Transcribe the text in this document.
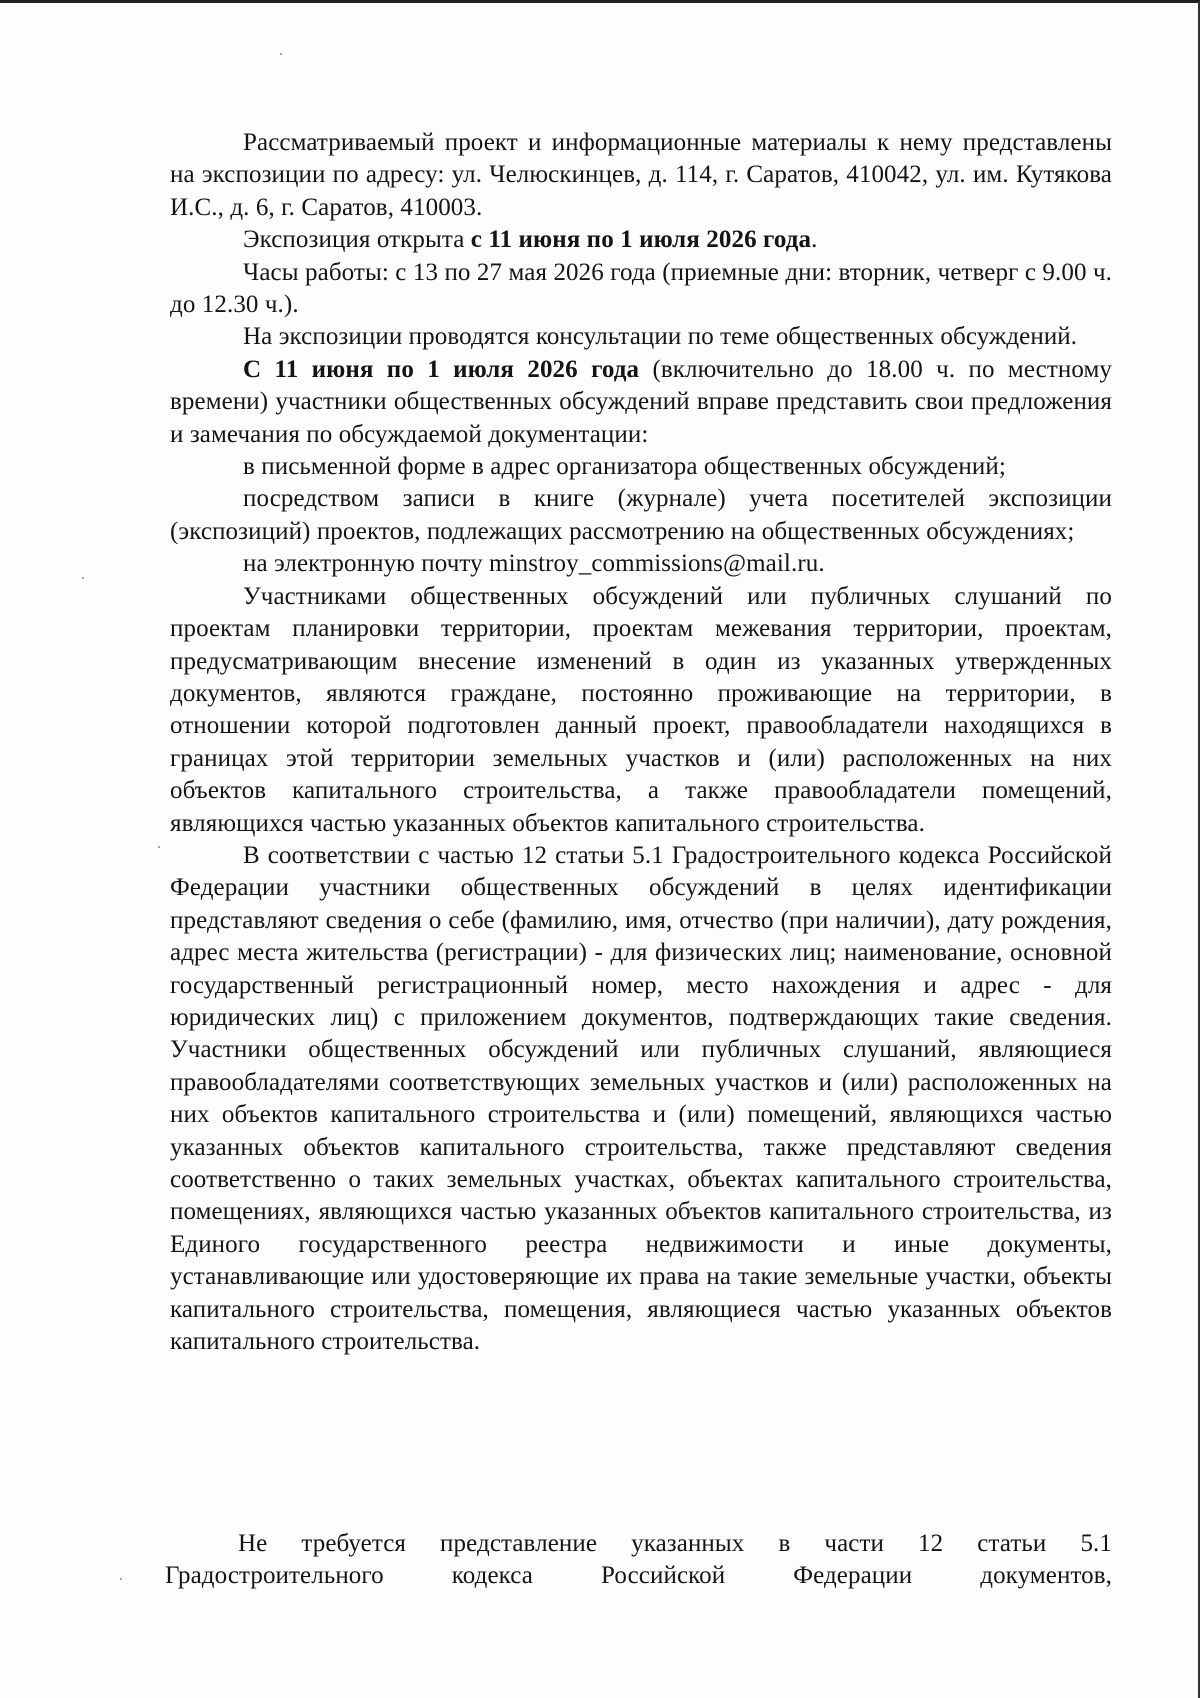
Рассматриваемый проект и информационные материалы к нему представлены на экспозиции по адресу: ул. Челюскинцев, д. 114, г. Саратов, 410042, ул. им. Кутякова И.С., д. 6, г. Саратов, 410003.

Экспозиция открыта с 11 июня по 1 июля 2026 года.

Часы работы: с 13 по 27 мая 2026 года (приемные дни: вторник, четверг с 9.00 ч. до 12.30 ч.).

На экспозиции проводятся консультации по теме общественных обсуждений.

С 11 июня по 1 июля 2026 года (включительно до 18.00 ч. по местному времени) участники общественных обсуждений вправе представить свои предложения и замечания по обсуждаемой документации:

в письменной форме в адрес организатора общественных обсуждений;

посредством записи в книге (журнале) учета посетителей экспозиции (экспозиций) проектов, подлежащих рассмотрению на общественных обсуждениях;

на электронную почту minstroy_commissions@mail.ru.

Участниками общественных обсуждений или публичных слушаний по проектам планировки территории, проектам межевания территории, проектам, предусматривающим внесение изменений в один из указанных утвержденных документов, являются граждане, постоянно проживающие на территории, в отношении которой подготовлен данный проект, правообладатели находящихся в границах этой территории земельных участков и (или) расположенных на них объектов капитального строительства, а также правообладатели помещений, являющихся частью указанных объектов капитального строительства.

В соответствии с частью 12 статьи 5.1 Градостроительного кодекса Российской Федерации участники общественных обсуждений в целях идентификации представляют сведения о себе (фамилию, имя, отчество (при наличии), дату рождения, адрес места жительства (регистрации) - для физических лиц; наименование, основной государственный регистрационный номер, место нахождения и адрес - для юридических лиц) с приложением документов, подтверждающих такие сведения. Участники общественных обсуждений или публичных слушаний, являющиеся правообладателями соответствующих земельных участков и (или) расположенных на них объектов капитального строительства и (или) помещений, являющихся частью указанных объектов капитального строительства, также представляют сведения соответственно о таких земельных участках, объектах капитального строительства, помещениях, являющихся частью указанных объектов капитального строительства, из Единого государственного реестра недвижимости и иные документы, устанавливающие или удостоверяющие их права на такие земельные участки, объекты капитального строительства, помещения, являющиеся частью указанных объектов капитального строительства.

Не требуется представление указанных в части 12 статьи 5.1 Градостроительного кодекса Российской Федерации документов,
